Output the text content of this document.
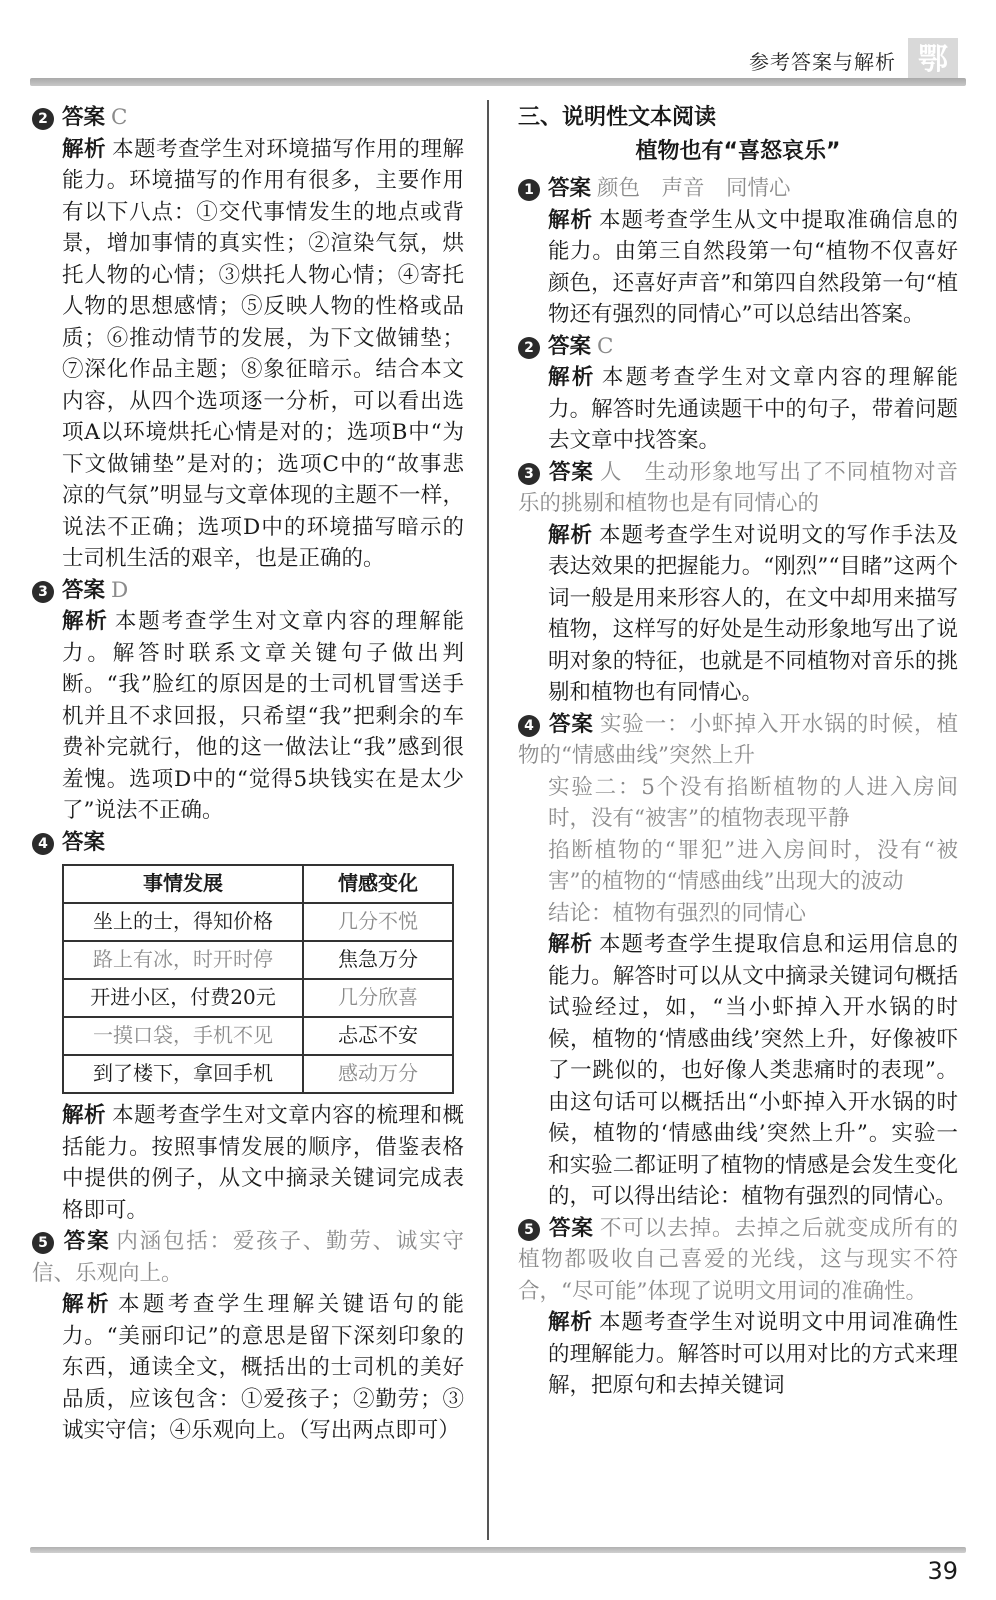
参考答案与解析 鄂
2 答案 C
解析 本题考查学生对环境描写作用的理解能力。环境描写的作用有很多，主要作用有以下八点：①交代事情发生的地点或背景，增加事情的真实性；②渲染气氛，烘托人物的心情；③烘托人物心情；④寄托人物的思想感情；⑤反映人物的性格或品质；⑥推动情节的发展，为下文做铺垫；⑦深化作品主题；⑧象征暗示。结合本文内容，从四个选项逐一分析，可以看出选项A以环境烘托心情是对的；选项B中“为下文做铺垫”是对的；选项C中的“故事悲凉的气氛”明显与文章体现的主题不一样，说法不正确；选项D中的环境描写暗示的士司机生活的艰辛，也是正确的。
3 答案 D
解析 本题考查学生对文章内容的理解能力。解答时联系文章关键句子做出判断。“我”脸红的原因是的士司机冒雪送手机并且不求回报，只希望“我”把剩余的车费补完就行，他的这一做法让“我”感到很羞愧。选项D中的“觉得5块钱实在是太少了”说法不正确。
4 答案
事情发展	情感变化
坐上的士，得知价格	几分不悦
路上有冰，时开时停	焦急万分
开进小区，付费20元	几分欣喜
一摸口袋，手机不见	忐忑不安
到了楼下，拿回手机	感动万分
解析 本题考查学生对文章内容的梳理和概括能力。按照事情发展的顺序，借鉴表格中提供的例子，从文中摘录关键词完成表格即可。
5 答案 内涵包括：爱孩子、勤劳、诚实守信、乐观向上。
解析 本题考查学生理解关键语句的能力。“美丽印记”的意思是留下深刻印象的东西，通读全文，概括出的士司机的美好品质，应该包含：①爱孩子；②勤劳；③诚实守信；④乐观向上。（写出两点即可）
三、说明性文本阅读
植物也有“喜怒哀乐”
1 答案 颜色　声音　同情心
解析 本题考查学生从文中提取准确信息的能力。由第三自然段第一句“植物不仅喜好颜色，还喜好声音”和第四自然段第一句“植物还有强烈的同情心”可以总结出答案。
2 答案 C
解析 本题考查学生对文章内容的理解能力。解答时先通读题干中的句子，带着问题去文章中找答案。
3 答案 人　生动形象地写出了不同植物对音乐的挑剔和植物也是有同情心的
解析 本题考查学生对说明文的写作手法及表达效果的把握能力。“刚烈”“目睹”这两个词一般是用来形容人的，在文中却用来描写植物，这样写的好处是生动形象地写出了说明对象的特征，也就是不同植物对音乐的挑剔和植物也有同情心。
4 答案 实验一：小虾掉入开水锅的时候，植物的“情感曲线”突然上升
实验二：5个没有掐断植物的人进入房间时，没有“被害”的植物表现平静
掐断植物的“罪犯”进入房间时，没有“被害”的植物的“情感曲线”出现大的波动
结论：植物有强烈的同情心
解析 本题考查学生提取信息和运用信息的能力。解答时可以从文中摘录关键词句概括试验经过，如，“当小虾掉入开水锅的时候，植物的‘情感曲线’突然上升，好像被吓了一跳似的，也好像人类悲痛时的表现”。由这句话可以概括出“小虾掉入开水锅的时候，植物的‘情感曲线’突然上升”。实验一和实验二都证明了植物的情感是会发生变化的，可以得出结论：植物有强烈的同情心。
5 答案 不可以去掉。去掉之后就变成所有的植物都吸收自己喜爱的光线，这与现实不符合，“尽可能”体现了说明文用词的准确性。
解析 本题考查学生对说明文中用词准确性的理解能力。解答时可以用对比的方式来理解，把原句和去掉关键词
39
